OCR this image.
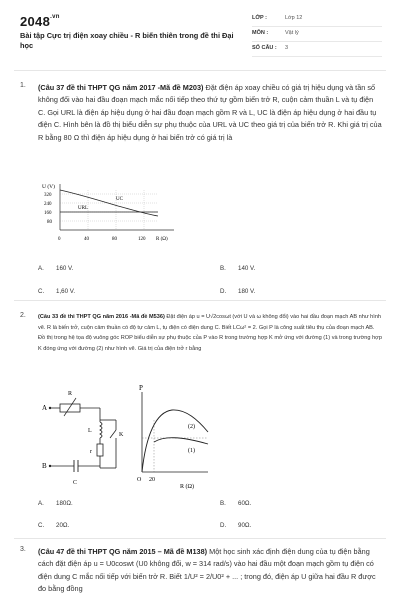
$2048^{.vn}$
Bài tập Cực trị điện xoay chiều - R biến thiên trong đề thi Đại học
LỚP :	Lớp 12
MÔN :	Vật lý
SỐ CÂU : 3
1. (Câu 37 đề thi THPT QG năm 2017 -Mã đề M203) Đặt điện áp xoay chiều có giá trị hiệu dụng và tần số không đổi vào hai đầu đoạn mạch mắc nối tiếp theo thứ tự gồm biến trở R, cuộn cảm thuần L và tụ điện C. Gọi URL là điện áp hiệu dụng ở hai đầu đoạn mạch gồm R và L, UC là điện áp hiệu dụng ở hai đầu tụ điện C. Hình bên là đồ thị biểu diễn sự phụ thuộc của URL và UC theo giá trị của biến trở R. Khi giá trị của R bằng 80 Ω thì điện áp hiệu dụng ở hai biến trở có giá trị là
U (V)
320
240
160
80
0	40	80	120 R (Ω)
UC
URL
A. 160 V.	B. 140 V.
C. 1,60 V.	D. 180 V.
2. (Câu 33 đề thi THPT QG năm 2016 -Mã đề M536) Đặt điện áp u = U√2cosωt (với U và ω không đổi) vào hai đầu đoạn mạch AB như hình vẽ. R là biến trở, cuộn cảm thuần có độ tự cảm L, tụ điện có điện dung C. Biết LCω² = 2. Gọi P là công suất tiêu thụ của đoạn mạch AB. Đồ thị trong hệ tọa độ vuông góc ROP biểu diễn sự phụ thuộc của P vào R trong trường hợp K mở ứng với đường (1) và trong trường hợp K đóng ứng với đường (2) như hình vẽ. Giá trị của điện trở r bằng
A
B
R
L
r
K
C
P
O 20
R (Ω)
(2)
(1)
A. 180Ω.	B. 60Ω.
C. 20Ω.	D. 90Ω.
3. (Câu 47 đề thi THPT QG năm 2015 – Mã đề M138) Một học sinh xác định điện dung của tụ điện bằng cách đặt điện áp u = U0coswt (U0 không đổi, w = 314 rad/s) vào hai đầu một đoạn mạch gồm tụ điện có điện dung C mắc nối tiếp với biến trở R. Biết 1/U² = 2/U0² + ... ; trong đó, điện áp U giữa hai đầu R được đo bằng đồng
